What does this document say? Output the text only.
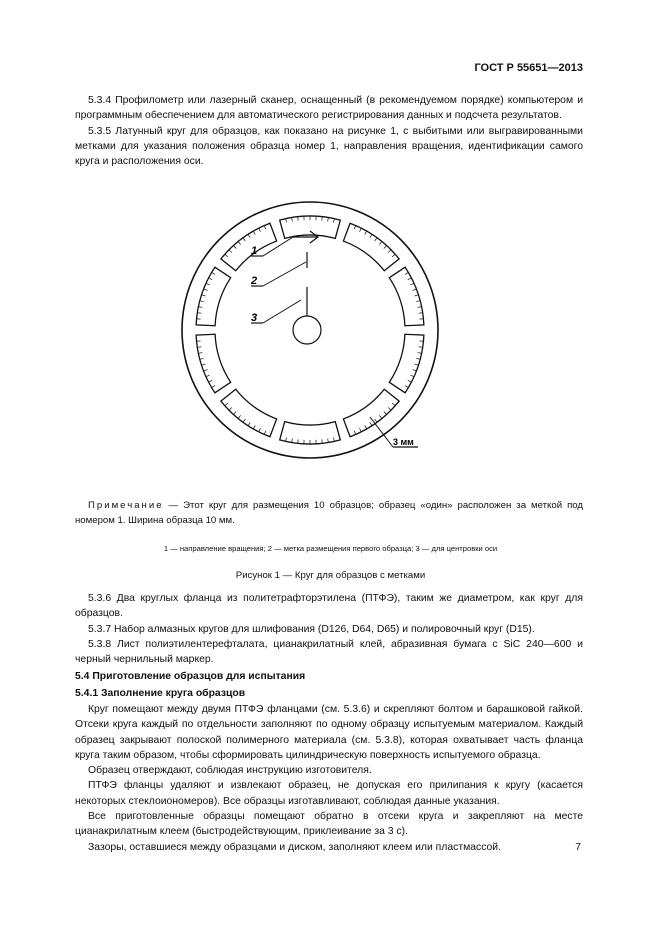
ГОСТ Р 55651—2013

5.3.4 Профилометр или лазерный сканер, оснащенный (в рекомендуемом порядке) компьютером и программным обеспечением для автоматического регистрирования данных и подсчета результатов.

5.3.5 Латунный круг для образцов, как показано на рисунке 1, с выбитыми или выгравированными метками для указания положения образца номер 1, направления вращения, идентификации самого круга и расположения оси.

1
2
3
3 мм
Примечание — Этот круг для размещения 10 образцов; образец «один» расположен за меткой под номером 1. Ширина образца 10 мм.
1 — направление вращения; 2 — метка размещения первого образца; 3 — для центровки оси
Рисунок 1 — Круг для образцов с метками

5.3.6 Два круглых фланца из политетрафторэтилена (ПТФЭ), таким же диаметром, как круг для образцов.

5.3.7 Набор алмазных кругов для шлифования (D126, D64, D65) и полировочный круг (D15).

5.3.8 Лист полиэтилентерефталата, цианакрилатный клей, абразивная бумага с SiC 240—600 и черный чернильный маркер.

5.4 Приготовление образцов для испытания
5.4.1 Заполнение круга образцов

Круг помещают между двумя ПТФЭ фланцами (см. 5.3.6) и скрепляют болтом и барашковой гайкой. Отсеки круга каждый по отдельности заполняют по одному образцу испытуемым материалом. Каждый образец закрывают полоской полимерного материала (см. 5.3.8), которая охватывает часть фланца круга таким образом, чтобы сформировать цилиндрическую поверхность испытуемого образца.

Образец отверждают, соблюдая инструкцию изготовителя.

ПТФЭ фланцы удаляют и извлекают образец, не допуская его прилипания к кругу (касается некоторых стеклоиономеров). Все образцы изготавливают, соблюдая данные указания.

Все приготовленные образцы помещают обратно в отсеки круга и закрепляют на месте цианакрилатным клеем (быстродействующим, приклеивание за 3 с).

Зазоры, оставшиеся между образцами и диском, заполняют клеем или пластмассой.	7
